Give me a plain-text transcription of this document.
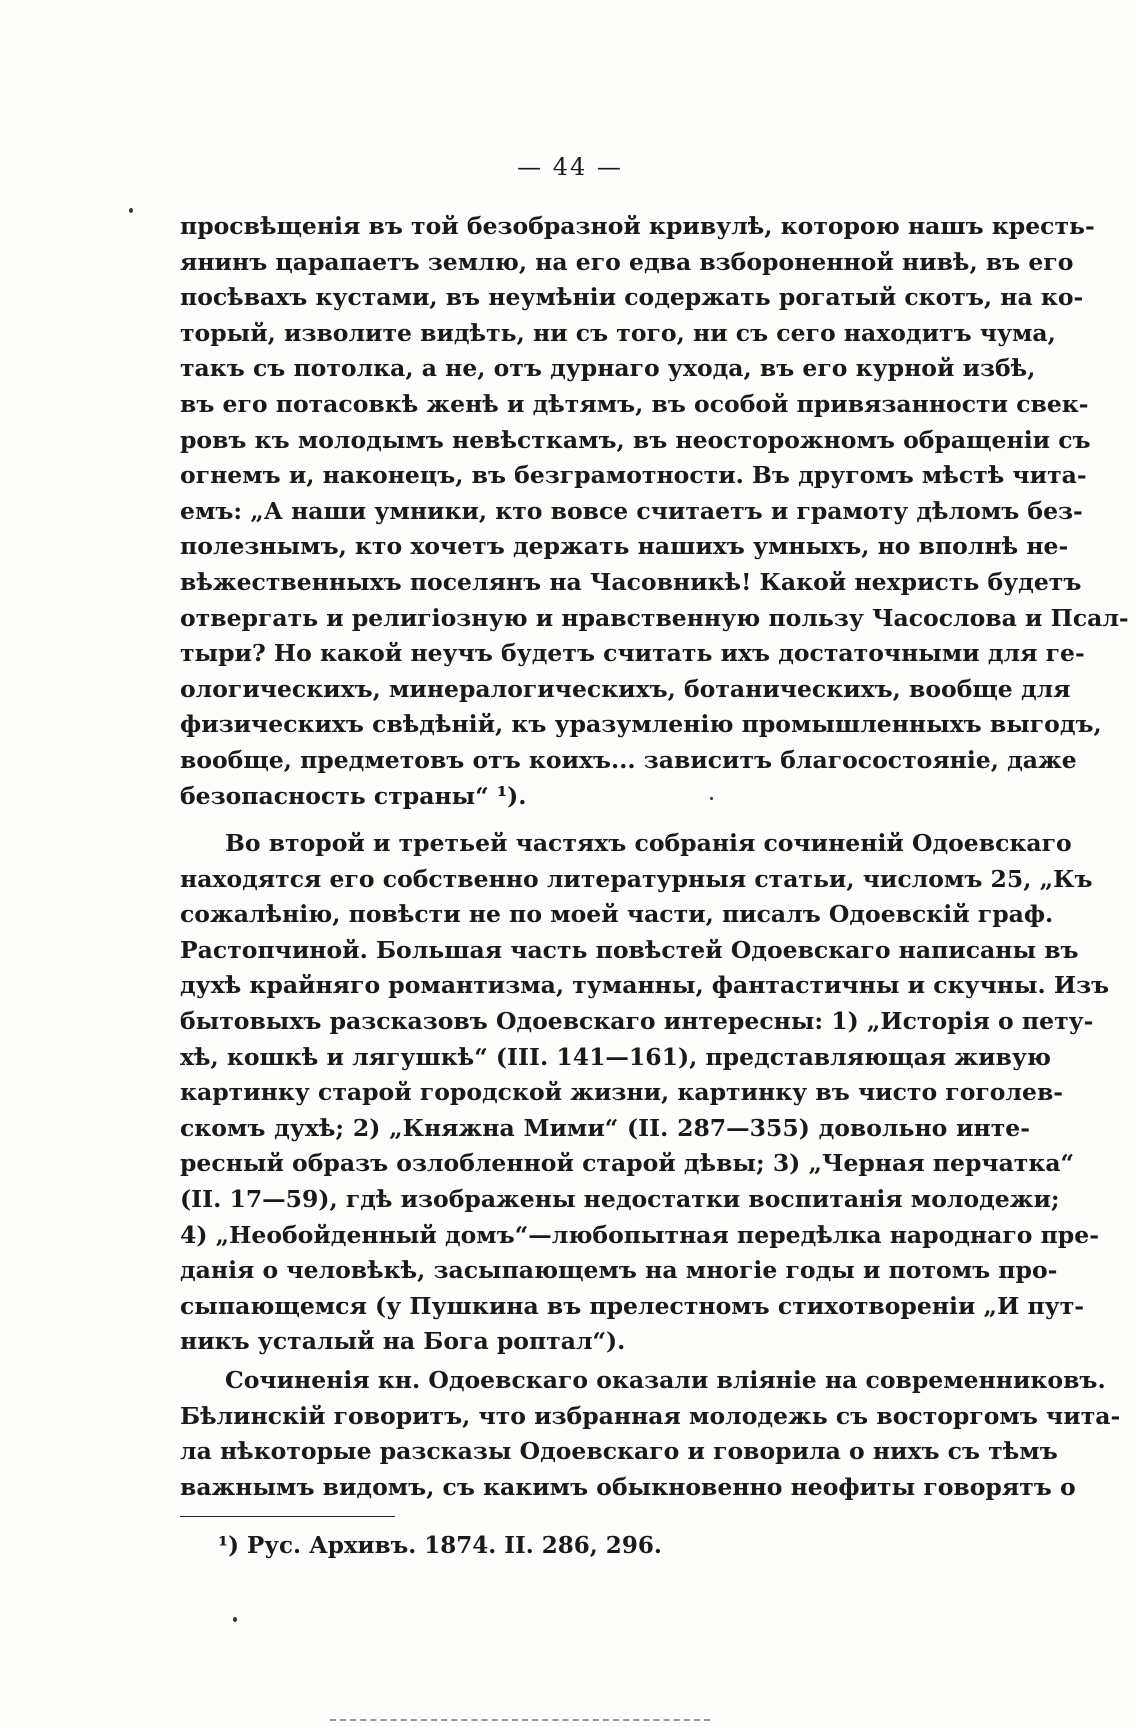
— 44 —
просвѣщенія въ той безобразной кривулѣ, которою нашъ кресть-
янинъ царапаетъ землю, на его едва взбороненной нивѣ, въ его
посѣвахъ кустами, въ неумѣніи содержать рогатый скотъ, на ко-
торый, изволите видѣть, ни съ того, ни съ сего находитъ чума,
такъ съ потолка, а не, отъ дурнаго ухода, въ его курной избѣ,
въ его потасовкѣ женѣ и дѣтямъ, въ особой привязанности свек-
ровъ къ молодымъ невѣсткамъ, въ неосторожномъ обращеніи съ
огнемъ и, наконецъ, въ безграмотности. Въ другомъ мѣстѣ чита-
емъ: „А наши умники, кто вовсе считаетъ и грамоту дѣломъ без-
полезнымъ, кто хочетъ держать нашихъ умныхъ, но вполнѣ не-
вѣжественныхъ поселянъ на Часовникѣ! Какой нехристь будетъ
отвергать и религіозную и нравственную пользу Часослова и Псал-
тыри? Но какой неучъ будетъ считать ихъ достаточными для ге-
ологическихъ, минералогическихъ, ботаническихъ, вообще для
физическихъ свѣдѣній, къ уразумленію промышленныхъ выгодъ,
вообще, предметовъ отъ коихъ... зависитъ благосостояніе, даже
безопасность страны“ ¹).
Во второй и третьей частяхъ собранія сочиненій Одоевскаго
находятся его собственно литературныя статьи, числомъ 25, „Къ
сожалѣнію, повѣсти не по моей части, писалъ Одоевскій граф.
Растопчиной. Большая часть повѣстей Одоевскаго написаны въ
духѣ крайняго романтизма, туманны, фантастичны и скучны. Изъ
бытовыхъ разсказовъ Одоевскаго интересны: 1) „Исторія о пету-
хѣ, кошкѣ и лягушкѣ“ (III. 141—161), представляющая живую
картинку старой городской жизни, картинку въ чисто гоголев-
скомъ духѣ; 2) „Княжна Мими“ (II. 287—355) довольно инте-
ресный образъ озлобленной старой дѣвы; 3) „Черная перчатка“
(II. 17—59), гдѣ изображены недостатки воспитанія молодежи;
4) „Необойденный домъ“—любопытная передѣлка народнаго пре-
данія о человѣкѣ, засыпающемъ на многіе годы и потомъ про-
сыпающемся (у Пушкина въ прелестномъ стихотвореніи „И пут-
никъ усталый на Бога роптал“).
Сочиненія кн. Одоевскаго оказали вліяніе на современниковъ.
Бѣлинскій говоритъ, что избранная молодежь съ восторгомъ чита-
ла нѣкоторые разсказы Одоевскаго и говорила о нихъ съ тѣмъ
важнымъ видомъ, съ какимъ обыкновенно неофиты говорятъ о
¹) Рус. Архивъ. 1874. II. 286, 296.
